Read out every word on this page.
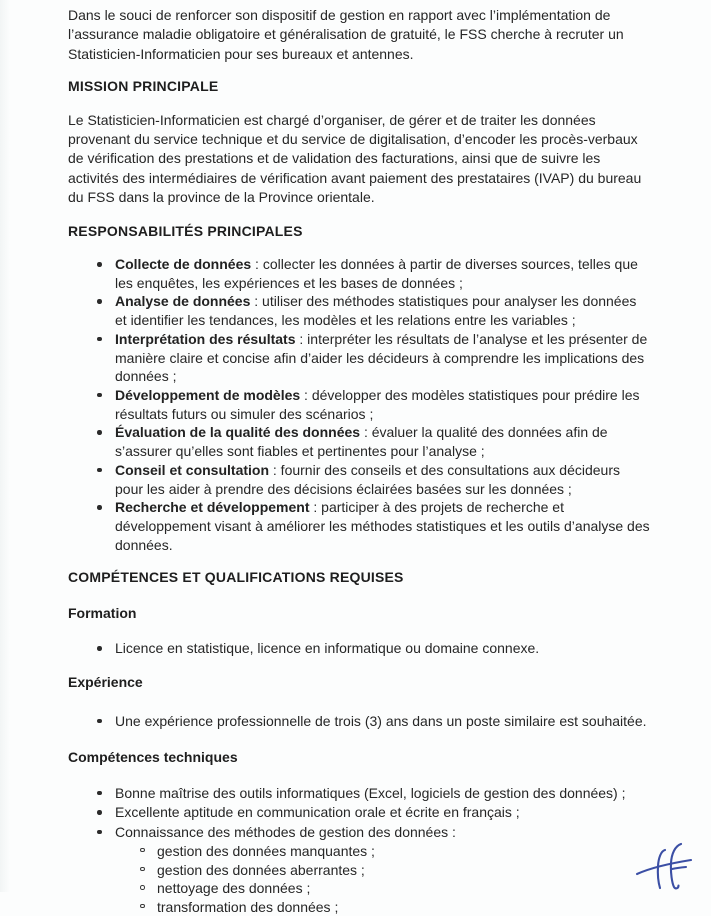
Dans le souci de renforcer son dispositif de gestion en rapport avec l’implémentation de l’assurance maladie obligatoire et généralisation de gratuité, le FSS cherche à recruter un Statisticien-Informaticien pour ses bureaux et antennes.

MISSION PRINCIPALE

Le Statisticien-Informaticien est chargé d’organiser, de gérer et de traiter les données provenant du service technique et du service de digitalisation, d’encoder les procès-verbaux de vérification des prestations et de validation des facturations, ainsi que de suivre les activités des intermédiaires de vérification avant paiement des prestataires (IVAP) du bureau du FSS dans la province de la Province orientale.

RESPONSABILITÉS PRINCIPALES
Collecte de données : collecter les données à partir de diverses sources, telles que les enquêtes, les expériences et les bases de données ;
Analyse de données : utiliser des méthodes statistiques pour analyser les données et identifier les tendances, les modèles et les relations entre les variables ;
Interprétation des résultats : interpréter les résultats de l’analyse et les présenter de manière claire et concise afin d’aider les décideurs à comprendre les implications des données ;
Développement de modèles : développer des modèles statistiques pour prédire les résultats futurs ou simuler des scénarios ;
Évaluation de la qualité des données : évaluer la qualité des données afin de s’assurer qu’elles sont fiables et pertinentes pour l’analyse ;
Conseil et consultation : fournir des conseils et des consultations aux décideurs pour les aider à prendre des décisions éclairées basées sur les données ;
Recherche et développement : participer à des projets de recherche et développement visant à améliorer les méthodes statistiques et les outils d’analyse des données.
COMPÉTENCES ET QUALIFICATIONS REQUISES
Formation
Licence en statistique, licence en informatique ou domaine connexe.
Expérience
Une expérience professionnelle de trois (3) ans dans un poste similaire est souhaitée.
Compétences techniques
Bonne maîtrise des outils informatiques (Excel, logiciels de gestion des données) ;
Excellente aptitude en communication orale et écrite en français ;
Connaissance des méthodes de gestion des données :
gestion des données manquantes ;
gestion des données aberrantes ;
nettoyage des données ;
transformation des données ;
